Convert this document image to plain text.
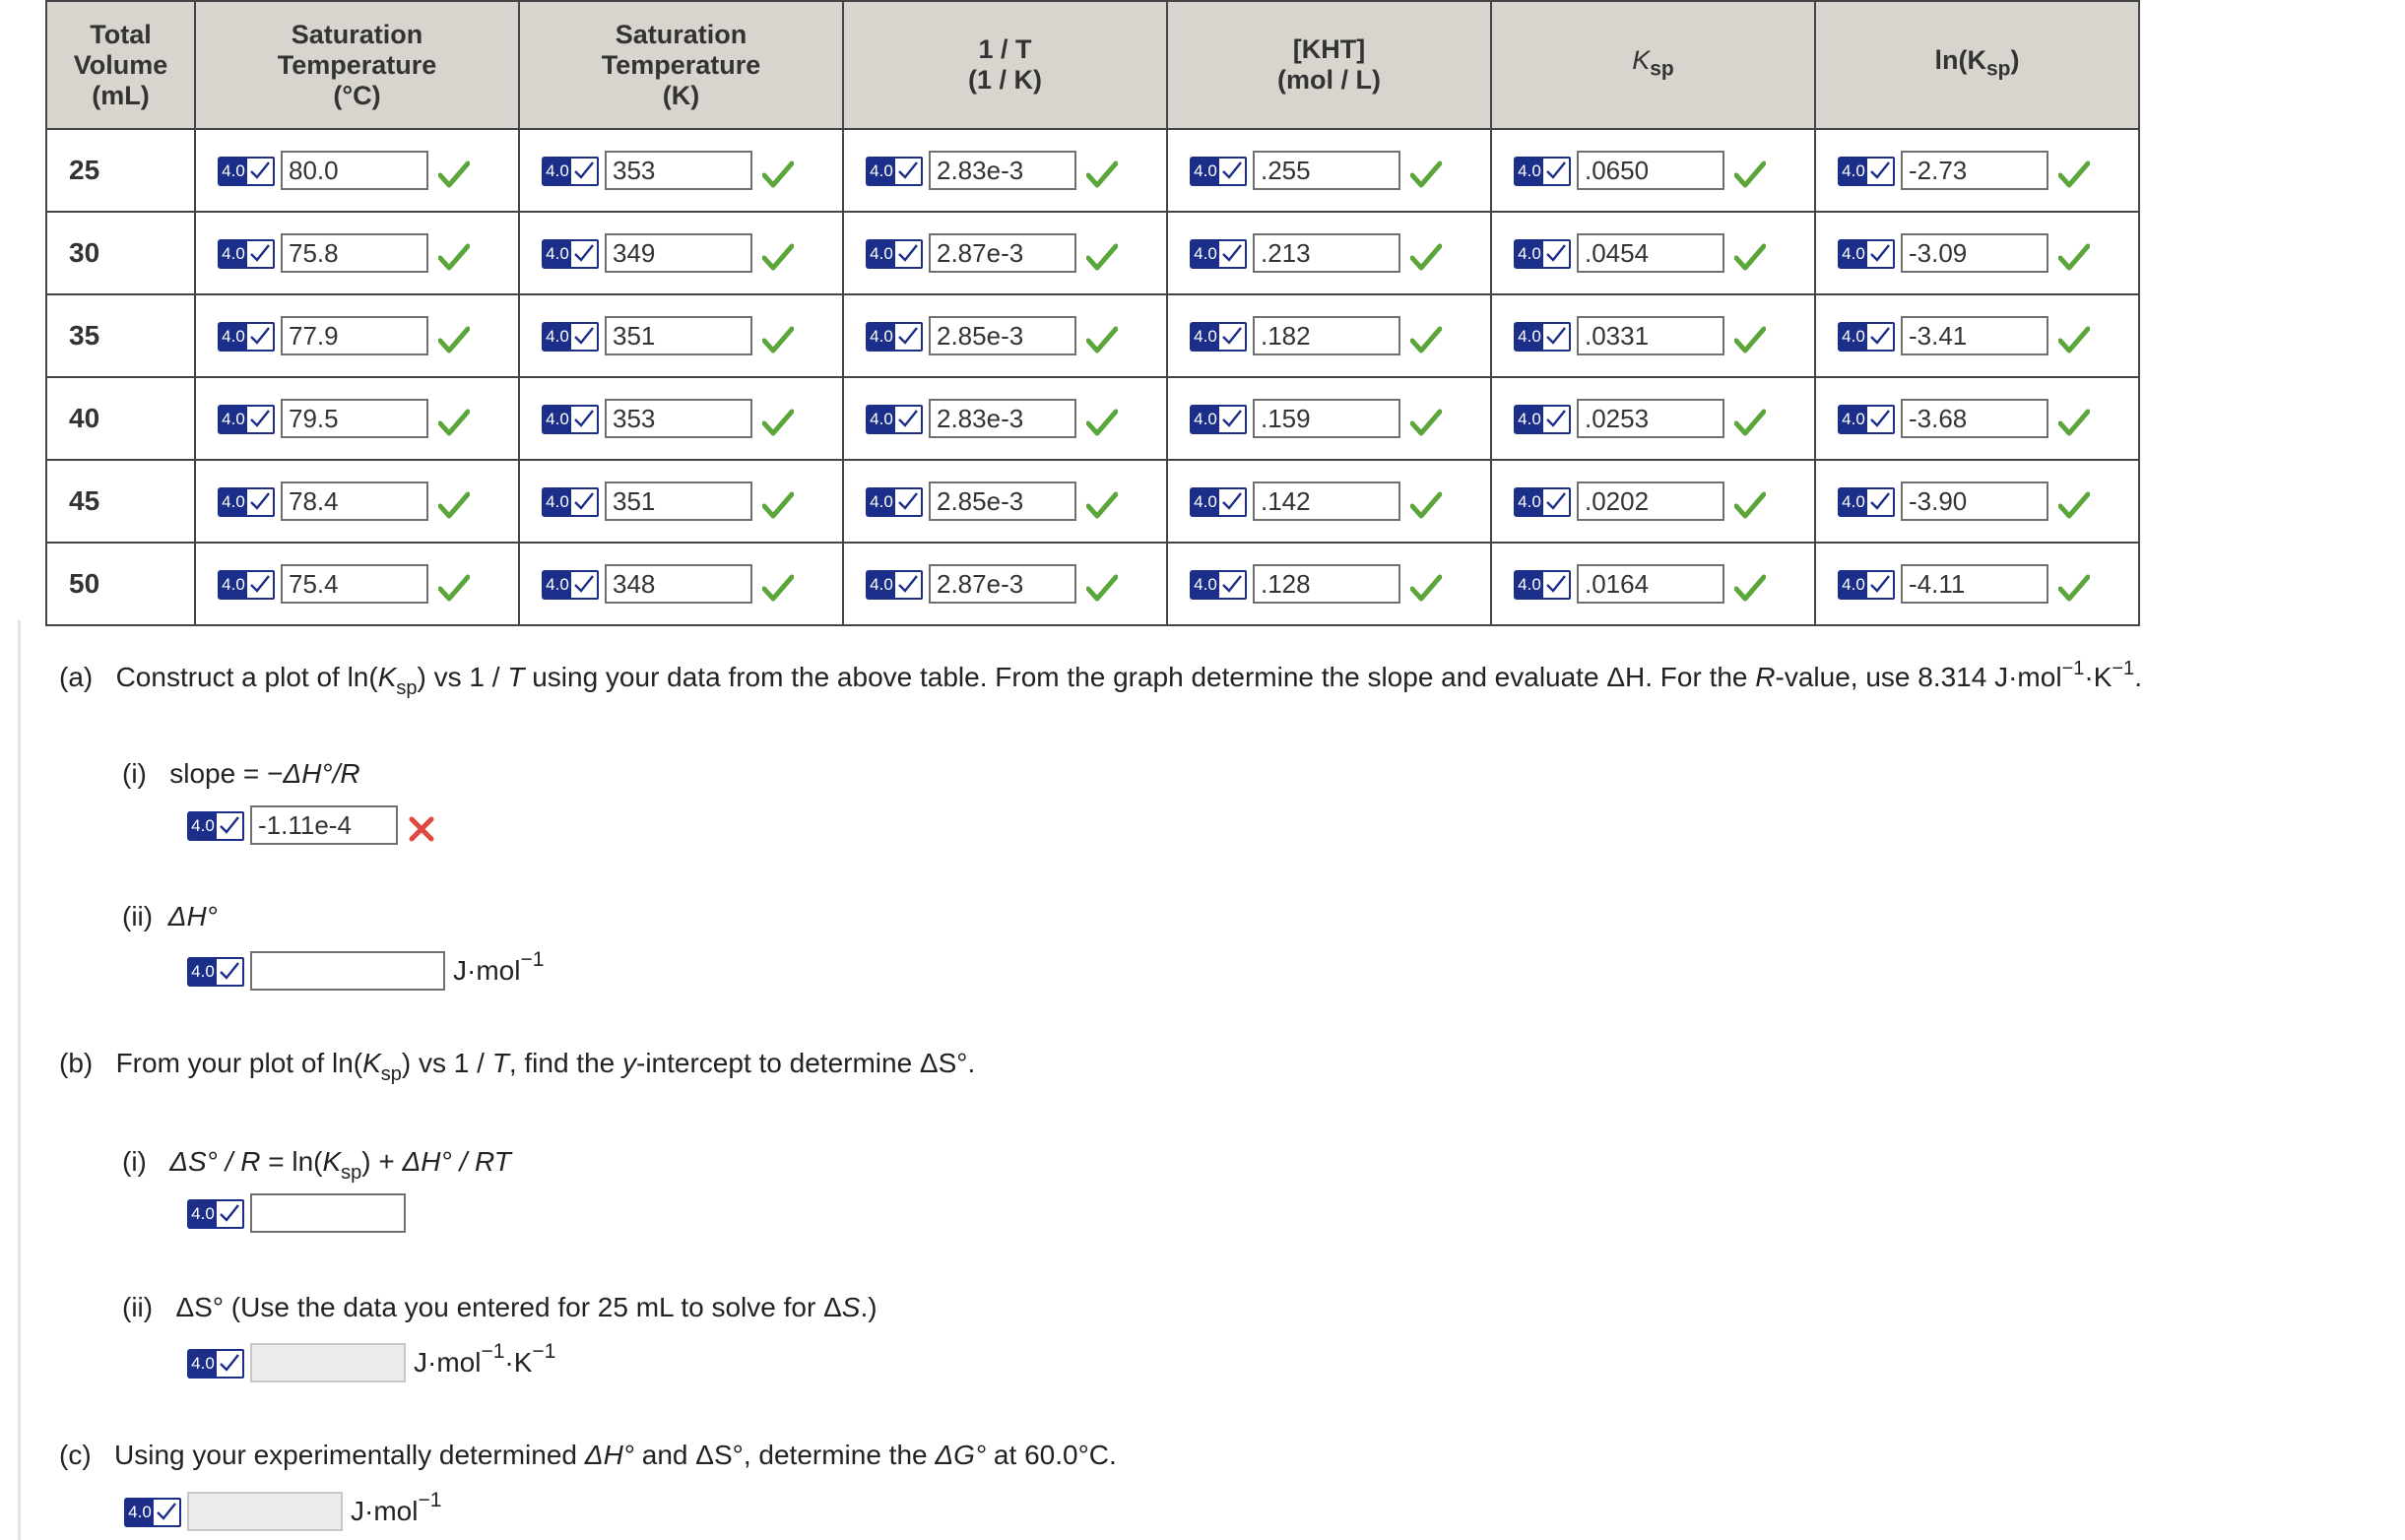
Total
Volume
(mL)	Saturation
Temperature
(°C)	Saturation
Temperature
(K)	1 / T
(1 / K)	[KHT]
(mol / L)	$K_{sp}$	$\ln(K_{sp})$
25	4.0 80.0	4.0 353	4.0 2.83e-3	4.0 .255	4.0 .0650	4.0 -2.73

30	4.0 75.8	4.0 349	4.0 2.87e-3	4.0 .213	4.0 .0454	4.0 -3.09

35	4.0 77.9	4.0 351	4.0 2.85e-3	4.0 .182	4.0 .0331	4.0 -3.41

40	4.0 79.5	4.0 353	4.0 2.83e-3	4.0 .159	4.0 .0253	4.0 -3.68

45	4.0 78.4	4.0 351	4.0 2.85e-3	4.0 .142	4.0 .0202	4.0 -3.90

50	4.0 75.4	4.0 348	4.0 2.87e-3	4.0 .128	4.0 .0164	4.0 -4.11
(a) Construct a plot of $\ln(K_{sp})$ vs 1 / T using your data from the above table. From the graph determine the slope and evaluate ΔH. For the R-value, use 8.314 $J\cdot mol^{-1}\cdot K^{-1}$.
(i) slope = −ΔH°/R
4.0	-1.11e-4
(ii) ΔH°
4.0	J·mol$^{-1}$
(b) From your plot of $\ln(K_{sp})$ vs 1 / T, find the y-intercept to determine ΔS°.
(i) $\Delta S^\circ / R = \ln(K_{sp}) + \Delta H^\circ$ / RT
4.0
(ii) ΔS° (Use the data you entered for 25 mL to solve for ΔS.)
4.0	$J\cdot mol^{-1}\cdot K^{-1}$
(c) Using your experimentally determined ΔH° and ΔS°, determine the ΔG° at 60.0°C.
4.0	J·mol$^{-1}$
